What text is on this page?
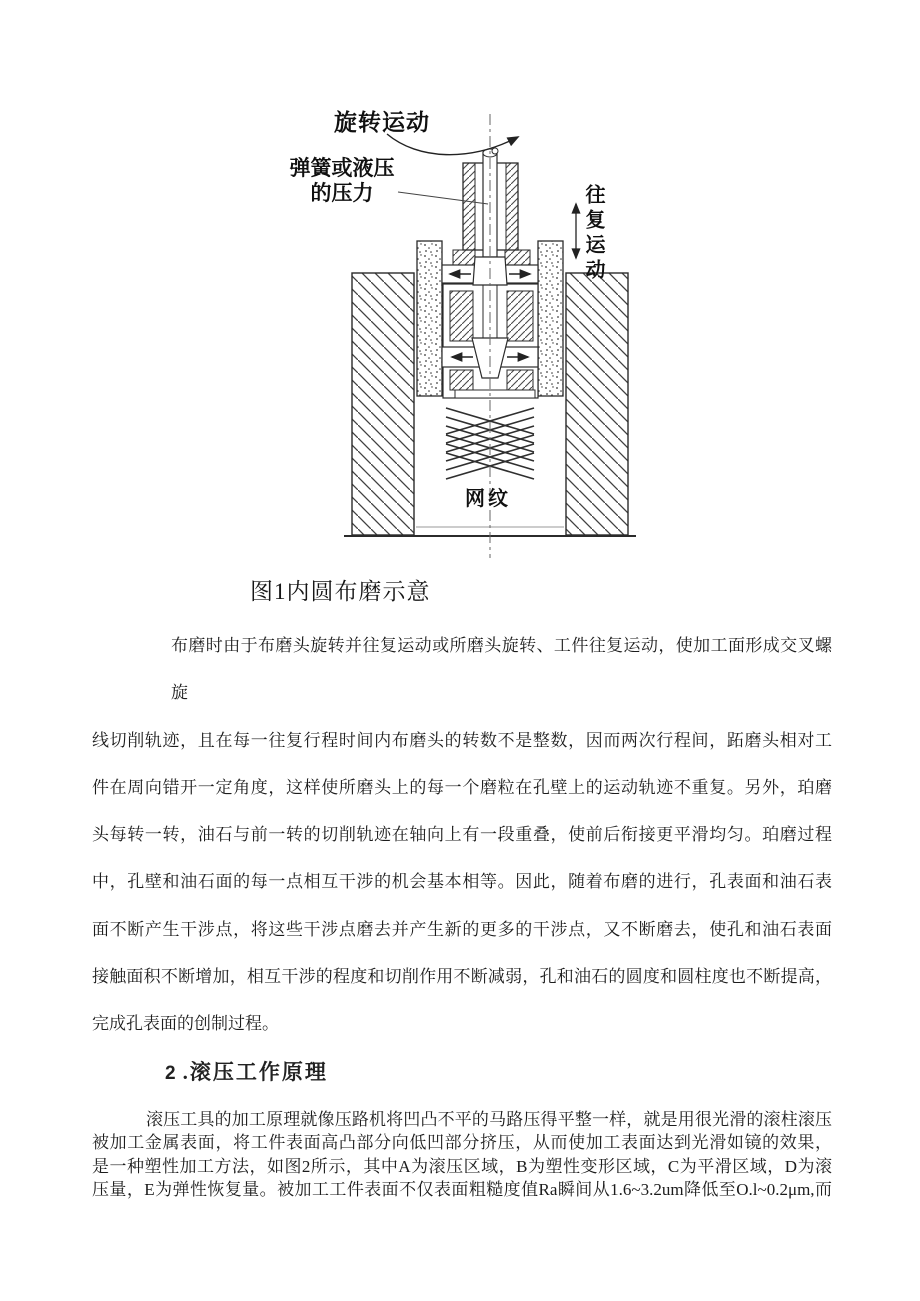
旋转运动
弹簧或液压
的压力	往复运动
网纹
图1内圆布磨示意
布磨时由于布磨头旋转并往复运动或所磨头旋转、工件往复运动，使加工面形成交叉螺旋
线切削轨迹，且在每一往复行程时间内布磨头的转数不是整数，因而两次行程间，跖磨头相对工
件在周向错开一定角度，这样使所磨头上的每一个磨粒在孔壁上的运动轨迹不重复。另外，珀磨
头每转一转，油石与前一转的切削轨迹在轴向上有一段重叠，使前后衔接更平滑均匀。珀磨过程
中，孔壁和油石面的每一点相互干涉的机会基本相等。因此，随着布磨的进行，孔表面和油石表
面不断产生干涉点，将这些干涉点磨去并产生新的更多的干涉点，又不断磨去，使孔和油石表面
接触面积不断增加，相互干涉的程度和切削作用不断减弱，孔和油石的圆度和圆柱度也不断提高，
完成孔表面的创制过程。
2 .滚压工作原理
滚压工具的加工原理就像压路机将凹凸不平的马路压得平整一样，就是用很光滑的滚柱滚压
被加工金属表面，将工件表面高凸部分向低凹部分挤压，从而使加工表面达到光滑如镜的效果，
是一种塑性加工方法，如图2所示，其中A为滚压区域，B为塑性变形区域，C为平滑区域，D为滚
压量，E为弹性恢复量。被加工工件表面不仅表面粗糙度值Ra瞬间从1.6~3.2um降低至O.l~0.2μm,而
